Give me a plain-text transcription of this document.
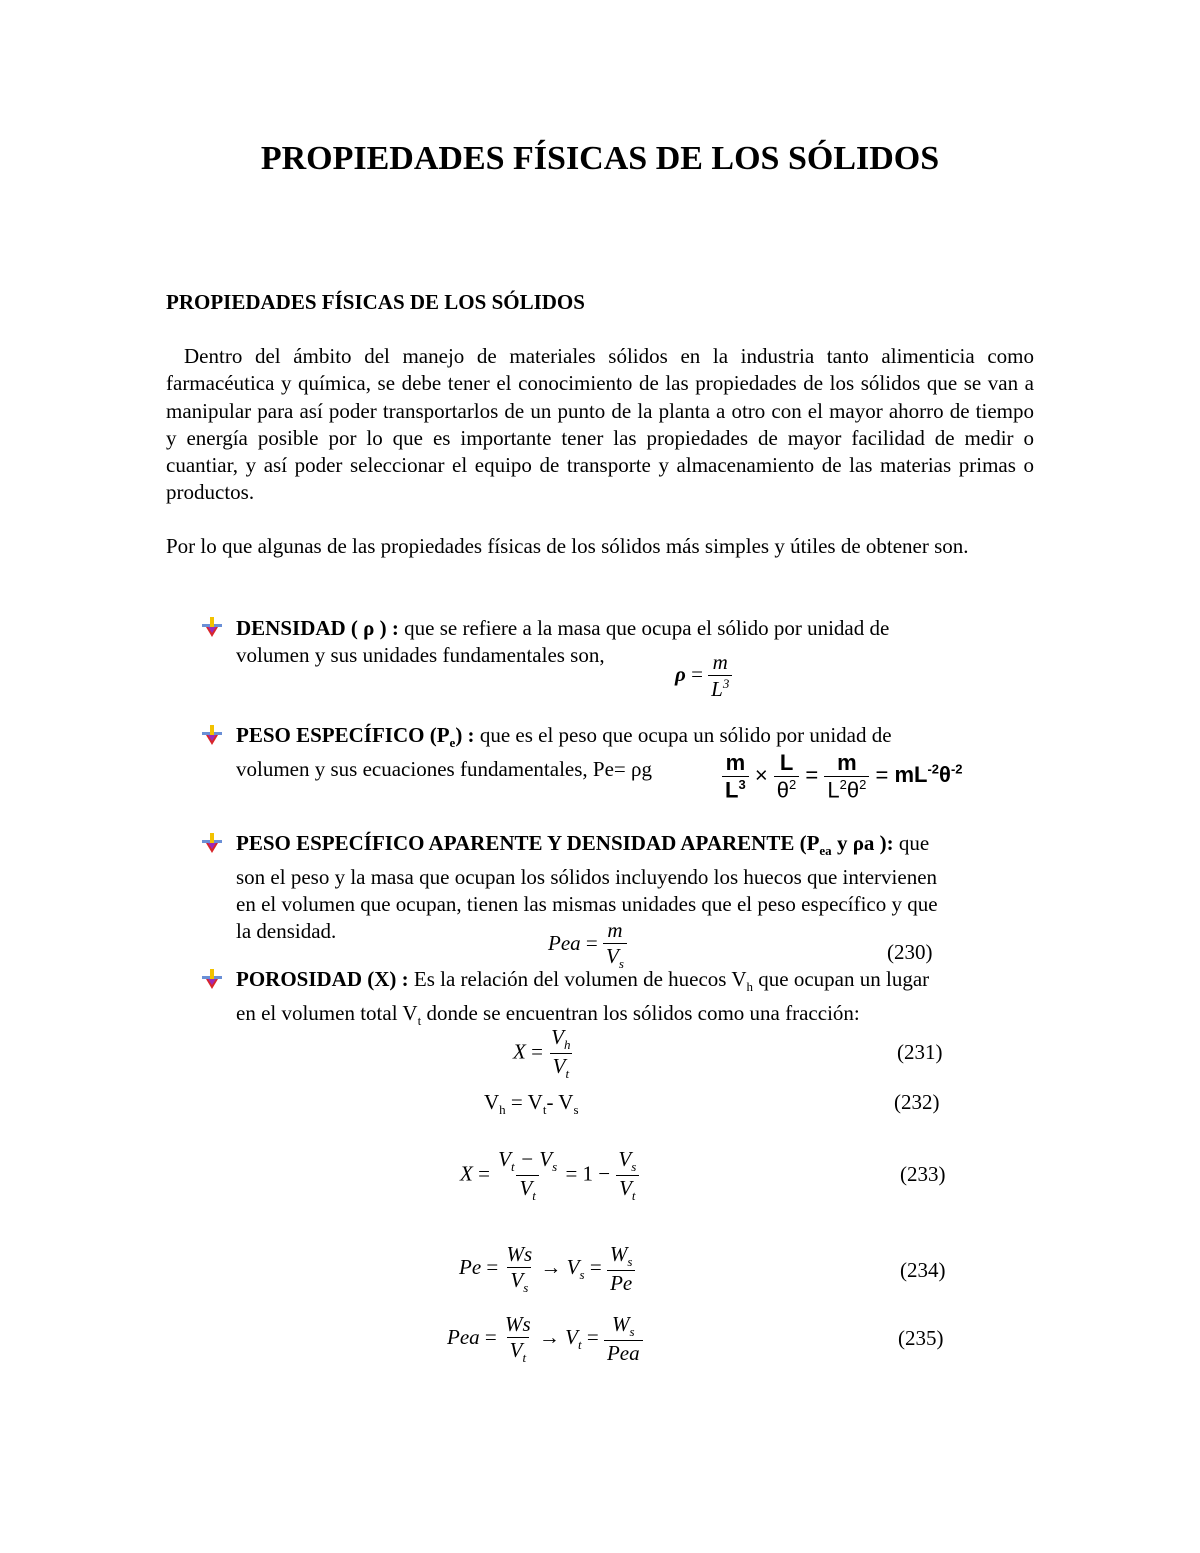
PROPIEDADES FÍSICAS DE LOS SÓLIDOS
PROPIEDADES FÍSICAS DE LOS SÓLIDOS
Dentro del ámbito del manejo de materiales sólidos en la industria tanto alimenticia como farmacéutica y química, se debe tener el conocimiento de las propiedades de los sólidos que se van a manipular para así poder transportarlos de un punto de la planta a otro con el mayor ahorro de tiempo y energía posible por lo que es importante tener las propiedades de mayor facilidad de medir o cuantiar, y así poder seleccionar el equipo de transporte y almacenamiento de las materias primas o productos.
Por lo que algunas de las propiedades físicas de los sólidos más simples y útiles de obtener son.
DENSIDAD ( ρ ) : que se refiere a la masa que ocupa el sólido por unidad de
volumen y sus unidades fundamentales son,
$\rho = \frac{m}{L^3}$
PESO ESPECÍFICO $(P_e)$ : que es el peso que ocupa un sólido por unidad de
volumen y sus ecuaciones fundamentales, Pe= ρg	$\frac{m}{L^3} \times \frac{L}{\theta^2} = \frac{m}{L^2\theta^2} = mL^{-2}\theta^{-2}$
PESO ESPECÍFICO APARENTE Y DENSIDAD APARENTE ($P_{ea}$ y ρa ): que
son el peso y la masa que ocupan los sólidos incluyendo los huecos que intervienen
en el volumen que ocupan, tienen las mismas unidades que el peso específico y que
la densidad.	Pea = $\frac{m}{V_s}$	(230)
POROSIDAD (X) : Es la relación del volumen de huecos $V_h$ que ocupan un lugar
en el volumen total $V_t$ donde se encuentran los sólidos como una fracción:
$X = \frac{V_h}{V_t}$	(231)
$V_h = V_t-$ $V_s$	(232)
$X = \frac{V_t - V_s}{V_t} = 1 - \frac{V_s}{V_t}$	(233)
$Pe = \frac{Ws}{V_s} \to V_s = \frac{W_s}{Pe}$	(234)
Pea = $\frac{Ws}{V_t} \to V_t = \frac{W_s}{\text{Pea}}$	(235)
